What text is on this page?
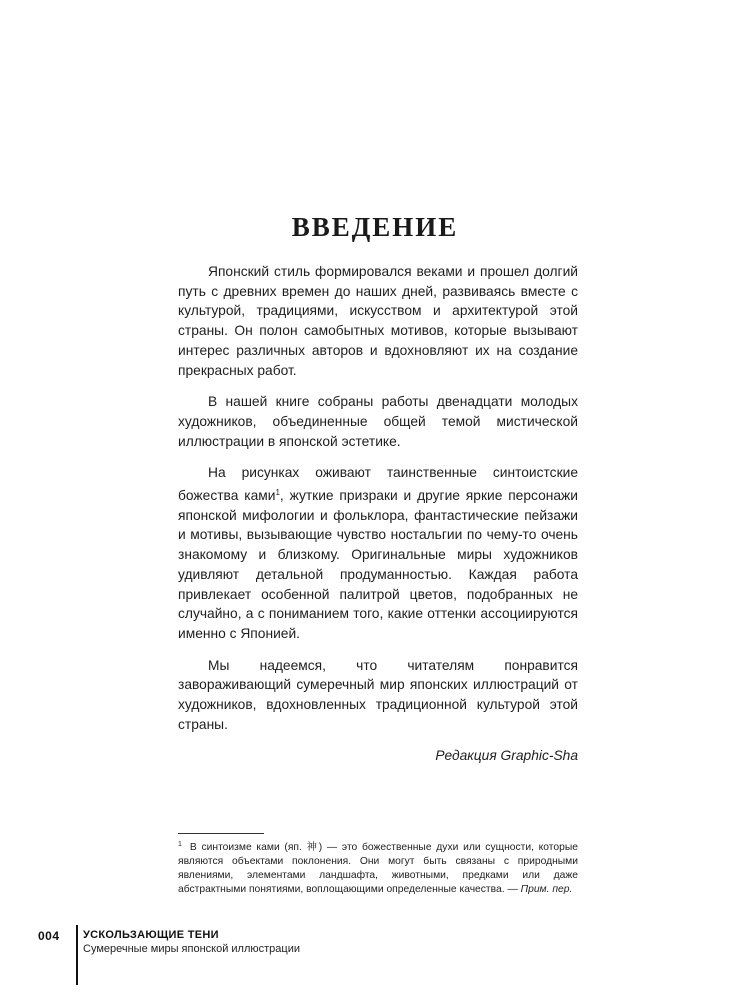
ВВЕДЕНИЕ

Японский стиль формировался веками и прошел долгий путь с древних времен до наших дней, развиваясь вместе с культурой, традициями, искусством и архитектурой этой страны. Он полон самобытных мотивов, которые вызывают интерес различных авторов и вдохновляют их на создание прекрасных работ.

В нашей книге собраны работы двенадцати молодых художников, объединенные общей темой мистической иллюстрации в японской эстетике.

На рисунках оживают таинственные синтоистские божества ками$^1$, жуткие призраки и другие яркие персонажи японской мифологии и фольклора, фантастические пейзажи и мотивы, вызывающие чувство ностальгии по чему-то очень знакомому и близкому. Оригинальные миры художников удивляют детальной продуманностью. Каждая работа привлекает особенной палитрой цветов, подобранных не случайно, а с пониманием того, какие оттенки ассоциируются именно с Японией.

Мы надеемся, что читателям понравится завораживающий сумеречный мир японских иллюстраций от художников, вдохновленных традиционной культурой этой страны.

Редакция Graphic-Sha
$^1$ В синтоизме ками (яп. 神) — это божественные духи или сущности, которые являются объектами поклонения. Они могут быть связаны с природными явлениями, элементами ландшафта, животными, предками или даже абстрактными понятиями, воплощающими определенные качества. — Прим. пер.
004 УСКОЛЬЗАЮЩИЕ ТЕНИ
Сумеречные миры японской иллюстрации
